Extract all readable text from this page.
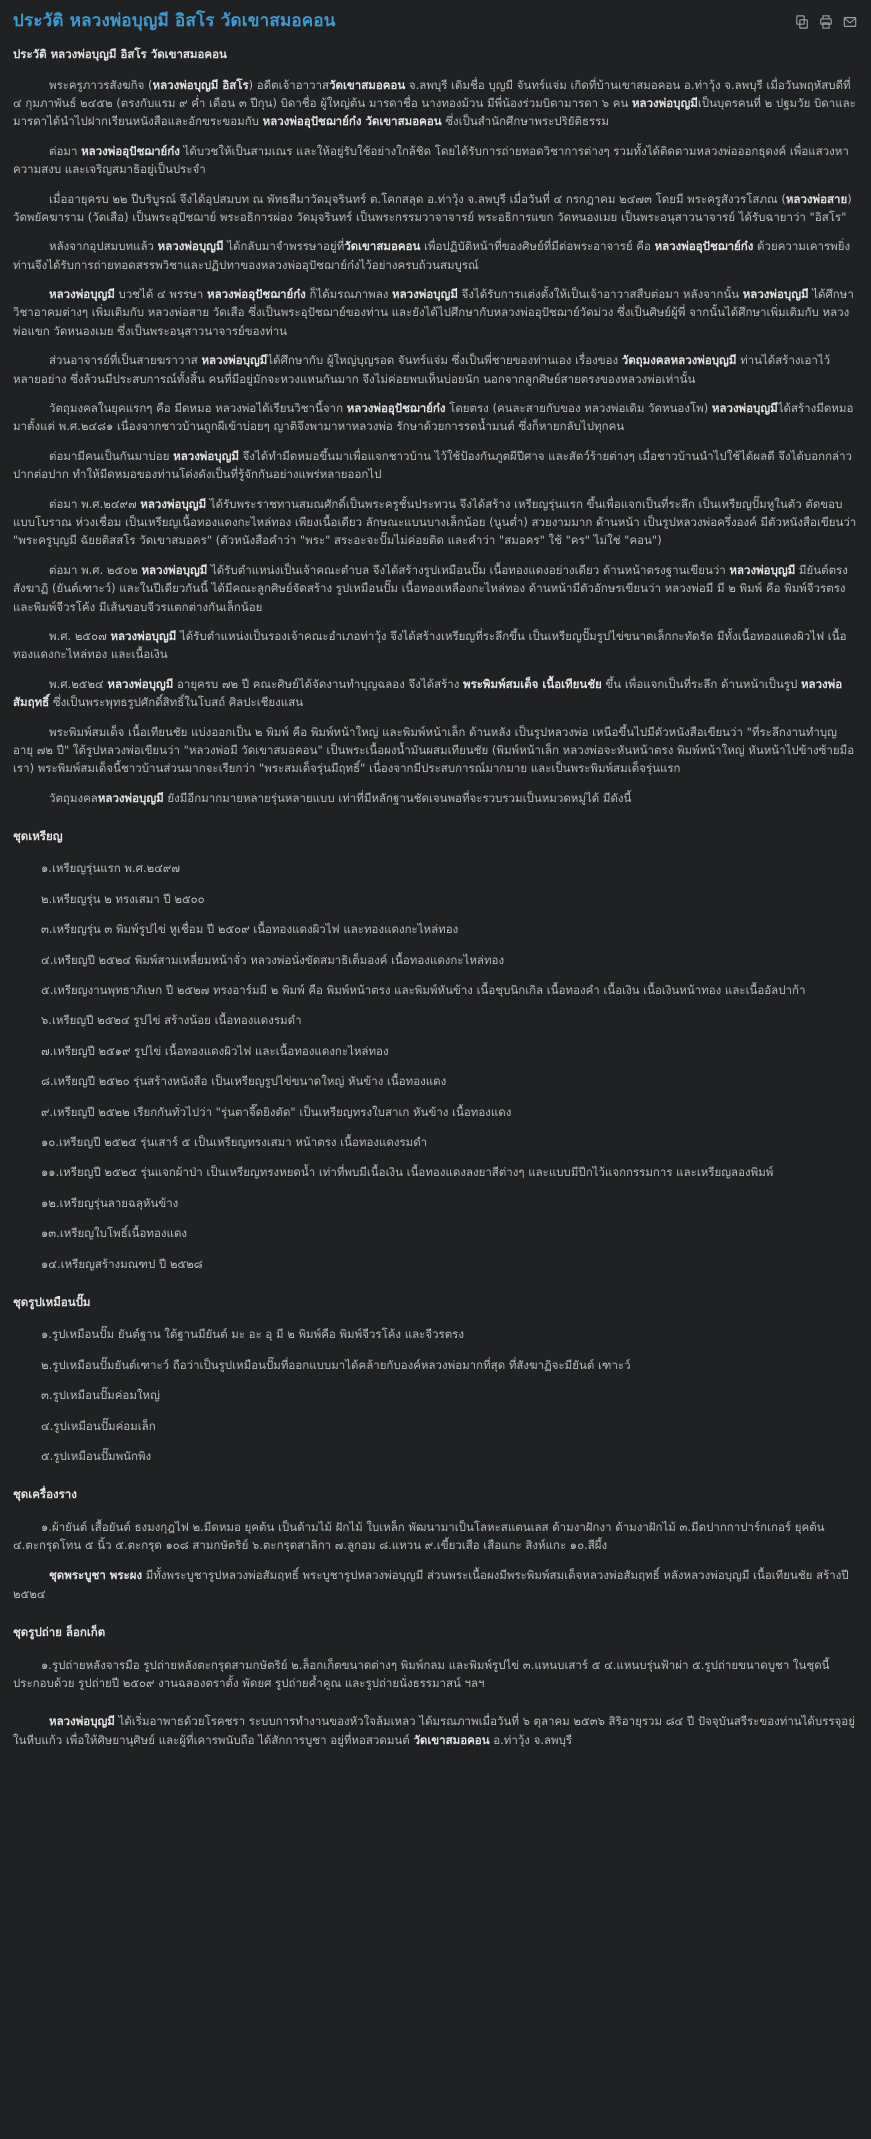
ประวัติ หลวงพ่อบุญมี อิสโร วัดเขาสมอคอน

ประวัติ หลวงพ่อบุญมี อิสโร วัดเขาสมอคอน

พระครูภาวรสังฆกิจ (หลวงพ่อบุญมี อิสโร) อดีตเจ้าอาวาสวัดเขาสมอคอน จ.ลพบุรี เดิมชื่อ บุญมี จันทร์แจ่ม เกิดที่บ้านเขาสมอคอน อ.ท่าวุ้ง จ.ลพบุรี เมื่อวันพฤหัสบดีที่ ๔ กุมภาพันธ์ ๒๔๕๒ (ตรงกับแรม ๙ ค่ำ เดือน ๓ ปีกุน) บิดาชื่อ ผู้ใหญ่ต้น มารดาชื่อ นางทองม้วน มีพี่น้องร่วมบิดามารดา ๖ คน หลวงพ่อบุญมีเป็นบุตรคนที่ ๒ ปฐมวัย บิดาและมารดาได้นำไปฝากเรียนหนังสือและอักขระขอมกับ หลวงพ่ออุปัชฌาย์ก๋ง วัดเขาสมอคอน ซึ่งเป็นสำนักศึกษาพระปริยัติธรรม

ต่อมา หลวงพ่ออุปัชฌาย์ก๋ง ได้บวชให้เป็นสามเณร และให้อยู่รับใช้อย่างใกล้ชิด โดยได้รับการถ่ายทอดวิชาการต่างๆ รวมทั้งได้ติดตามหลวงพ่อออกธุดงค์ เพื่อแสวงหาความสงบ และเจริญสมาธิอยู่เป็นประจำ

เมื่ออายุครบ ๒๒ ปีบริบูรณ์ จึงได้อุปสมบท ณ พัทธสีมาวัดมุจรินทร์ ต.โคกสลุด อ.ท่าวุ้ง จ.ลพบุรี เมื่อวันที่ ๔ กรกฎาคม ๒๔๗๓ โดยมี พระครูสังวรโสภณ (หลวงพ่อสาย) วัดพยัคฆาราม (วัดเสือ) เป็นพระอุปัชฌาย์ พระอธิการผ่อง วัดมุจรินทร์ เป็นพระกรรมวาจาจารย์ พระอธิการแขก วัดหนองเมย เป็นพระอนุสาวนาจารย์ ได้รับฉายาว่า "อิสโร"

หลังจากอุปสมบทแล้ว หลวงพ่อบุญมี ได้กลับมาจำพรรษาอยู่ที่วัดเขาสมอคอน เพื่อปฏิบัติหน้าที่ของศิษย์ที่มีต่อพระอาจารย์ คือ หลวงพ่ออุปัชฌาย์ก๋ง ด้วยความเคารพยิ่ง ท่านจึงได้รับการถ่ายทอดสรรพวิชาและปฏิปทาของหลวงพ่ออุปัชฌาย์ก๋งไว้อย่างครบถ้วนสมบูรณ์

หลวงพ่อบุญมี บวชได้ ๔ พรรษา หลวงพ่ออุปัชฌาย์ก๋ง ก็ได้มรณภาพลง หลวงพ่อบุญมี จึงได้รับการแต่งตั้งให้เป็นเจ้าอาวาสสืบต่อมา หลังจากนั้น หลวงพ่อบุญมี ได้ศึกษาวิชาอาคมต่างๆ เพิ่มเติมกับ หลวงพ่อสาย วัดเสือ ซึ่งเป็นพระอุปัชฌาย์ของท่าน และยังได้ไปศึกษากับหลวงพ่ออุปัชฌาย์วัดม่วง ซึ่งเป็นศิษย์ผู้พี่ จากนั้นได้ศึกษาเพิ่มเติมกับ หลวงพ่อแขก วัดหนองเมย ซึ่งเป็นพระอนุสาวนาจารย์ของท่าน

ส่วนอาจารย์ที่เป็นสายฆราวาส หลวงพ่อบุญมีได้ศึกษากับ ผู้ใหญ่บุญรอด จันทร์แจ่ม ซึ่งเป็นพี่ชายของท่านเอง เรื่องของ วัตถุมงคลหลวงพ่อบุญมี ท่านได้สร้างเอาไว้หลายอย่าง ซึ่งล้วนมีประสบการณ์ทั้งสิ้น คนที่มีอยู่มักจะหวงแหนกันมาก จึงไม่ค่อยพบเห็นบ่อยนัก นอกจากลูกศิษย์สายตรงของหลวงพ่อเท่านั้น

วัตถุมงคลในยุคแรกๆ คือ มีดหมอ หลวงพ่อได้เรียนวิชานี้จาก หลวงพ่ออุปัชฌาย์ก๋ง โดยตรง (คนละสายกับของ หลวงพ่อเดิม วัดหนองโพ) หลวงพ่อบุญมีได้สร้างมีดหมอมาตั้งแต่ พ.ศ.๒๔๘๑ เนื่องจากชาวบ้านถูกผีเข้าบ่อยๆ ญาติจึงพามาหาหลวงพ่อ รักษาด้วยการรดน้ำมนต์ ซึ่งก็หายกลับไปทุกคน

ต่อมามีคนเป็นกันมาบ่อย หลวงพ่อบุญมี จึงได้ทำมีดหมอขึ้นมาเพื่อแจกชาวบ้าน ไว้ใช้ป้องกันภูตผีปีศาจ และสัตว์ร้ายต่างๆ เมื่อชาวบ้านนำไปใช้ได้ผลดี จึงได้บอกกล่าวปากต่อปาก ทำให้มีดหมอของท่านโด่งดังเป็นที่รู้จักกันอย่างแพร่หลายออกไป

ต่อมา พ.ศ.๒๔๙๗ หลวงพ่อบุญมี ได้รับพระราชทานสมณศักดิ์เป็นพระครูชั้นประทวน จึงได้สร้าง เหรียญรุ่นแรก ขึ้นเพื่อแจกเป็นที่ระลึก เป็นเหรียญปั๊มหูในตัว ตัดขอบแบบโบราณ ห่วงเชื่อม เป็นเหรียญเนื้อทองแดงกะไหล่ทอง เพียงเนื้อเดียว ลักษณะแบนบางเล็กน้อย (นูนต่ำ) สวยงามมาก ด้านหน้า เป็นรูปหลวงพ่อครึ่งองค์ มีตัวหนังสือเขียนว่า "พระครูบุญมี ฉัยยติสสโร วัดเขาสมอคร" (ตัวหนังสือคำว่า "พระ" สระอะจะปั๊มไม่ค่อยติด และคำว่า "สมอคร" ใช้ "คร" ไม่ใช่ "คอน")

ต่อมา พ.ศ. ๒๕๐๒ หลวงพ่อบุญมี ได้รับตำแหน่งเป็นเจ้าคณะตำบล จึงได้สร้างรูปเหมือนปั๊ม เนื้อทองแดงอย่างเดียว ด้านหน้าตรงฐานเขียนว่า หลวงพ่อบุญมี มียันต์ตรงสังฆาฏิ (ยันต์เฑาะว์) และในปีเดียวกันนี้ ได้มีคณะลูกศิษย์จัดสร้าง รูปเหมือนปั๊ม เนื้อทองเหลืองกะไหล่ทอง ด้านหน้ามีตัวอักษรเขียนว่า หลวงพ่อมี มี ๒ พิมพ์ คือ พิมพ์จีวรตรง และพิมพ์จีวรโค้ง มีเส้นขอบจีวรแตกต่างกันเล็กน้อย

พ.ศ. ๒๕๐๗ หลวงพ่อบุญมี ได้รับตำแหน่งเป็นรองเจ้าคณะอำเภอท่าวุ้ง จึงได้สร้างเหรียญที่ระลึกขึ้น เป็นเหรียญปั๊มรูปไข่ขนาดเล็กกะทัดรัด มีทั้งเนื้อทองแดงผิวไฟ เนื้อทองแดงกะไหล่ทอง และเนื้อเงิน

พ.ศ.๒๕๒๔ หลวงพ่อบุญมี อายุครบ ๗๒ ปี คณะศิษย์ได้จัดงานทำบุญฉลอง จึงได้สร้าง พระพิมพ์สมเด็จ เนื้อเทียนชัย ขึ้น เพื่อแจกเป็นที่ระลึก ด้านหน้าเป็นรูป หลวงพ่อสัมฤทธิ์ ซึ่งเป็นพระพุทธรูปศักดิ์สิทธิ์ในโบสถ์ ศิลปะเชียงแสน

พระพิมพ์สมเด็จ เนื้อเทียนชัย แบ่งออกเป็น ๒ พิมพ์ คือ พิมพ์หน้าใหญ่ และพิมพ์หน้าเล็ก ด้านหลัง เป็นรูปหลวงพ่อ เหนือขึ้นไปมีตัวหนังสือเขียนว่า "ที่ระลึกงานทำบุญอายุ ๗๒ ปี" ใต้รูปหลวงพ่อเขียนว่า "หลวงพ่อมี วัดเขาสมอคอน" เป็นพระเนื้อผงน้ำมันผสมเทียนชัย (พิมพ์หน้าเล็ก หลวงพ่อจะหันหน้าตรง พิมพ์หน้าใหญ่ หันหน้าไปข้างซ้ายมือเรา) พระพิมพ์สมเด็จนี้ชาวบ้านส่วนมากจะเรียกว่า "พระสมเด็จรุ่นมีฤทธิ์" เนื่องจากมีประสบการณ์มากมาย และเป็นพระพิมพ์สมเด็จรุ่นแรก

วัตถุมงคลหลวงพ่อบุญมี ยังมีอีกมากมายหลายรุ่นหลายแบบ เท่าที่มีหลักฐานชัดเจนพอที่จะรวบรวมเป็นหมวดหมู่ได้ มีดังนี้

ชุดเหรียญ

๑.เหรียญรุ่นแรก พ.ศ.๒๔๙๗

๒.เหรียญรุ่น ๒ ทรงเสมา ปี ๒๕๐๐

๓.เหรียญรุ่น ๓ พิมพ์รูปไข่ หูเชื่อม ปี ๒๕๐๙ เนื้อทองแดงผิวไฟ และทองแดงกะไหล่ทอง

๔.เหรียญปี ๒๕๒๔ พิมพ์สามเหลี่ยมหน้าจั่ว หลวงพ่อนั่งขัดสมาธิเต็มองค์ เนื้อทองแดงกะไหล่ทอง

๕.เหรียญงานพุทธาภิเษก ปี ๒๕๒๗ ทรงอาร์มมี ๒ พิมพ์ คือ พิมพ์หน้าตรง และพิมพ์หันข้าง เนื้อชุบนิกเกิล เนื้อทองคำ เนื้อเงิน เนื้อเงินหน้าทอง และเนื้ออัลปาก้า

๖.เหรียญปี ๒๕๒๔ รูปไข่ สร้างน้อย เนื้อทองแดงรมดำ

๗.เหรียญปี ๒๕๑๙ รูปไข่ เนื้อทองแดงผิวไฟ และเนื้อทองแดงกะไหล่ทอง

๘.เหรียญปี ๒๕๒๐ รุ่นสร้างหนังสือ เป็นเหรียญรูปไข่ขนาดใหญ่ หันข้าง เนื้อทองแดง

๙.เหรียญปี ๒๕๒๒ เรียกกันทั่วไปว่า "รุ่นตาจี๊ดยิงตัด" เป็นเหรียญทรงใบสาเก หันข้าง เนื้อทองแดง

๑๐.เหรียญปี ๒๕๒๕ รุ่นเสาร์ ๕ เป็นเหรียญทรงเสมา หน้าตรง เนื้อทองแดงรมดำ

๑๑.เหรียญปี ๒๕๒๕ รุ่นแจกผ้าป่า เป็นเหรียญทรงหยดน้ำ เท่าที่พบมีเนื้อเงิน เนื้อทองแดงลงยาสีต่างๆ และแบบมีปีกไว้แจกกรรมการ และเหรียญลองพิมพ์

๑๒.เหรียญรุ่นลายฉลุหันข้าง

๑๓.เหรียญใบโพธิ์เนื้อทองแดง

๑๔.เหรียญสร้างมณฑป ปี ๒๕๒๘

ชุดรูปเหมือนปั๊ม

๑.รูปเหมือนปั๊ม ยันต์ฐาน ใต้ฐานมียันต์ มะ อะ อุ มี ๒ พิมพ์คือ พิมพ์จีวรโค้ง และจีวรตรง

๒.รูปเหมือนปั๊มยันต์เฑาะว์ ถือว่าเป็นรูปเหมือนปั๊มที่ออกแบบมาได้คล้ายกับองค์หลวงพ่อมากที่สุด ที่สังฆาฏิจะมียันต์ เฑาะว์

๓.รูปเหมือนปั๊มค่อมใหญ่

๔.รูปเหมือนปั๊มค่อมเล็ก

๕.รูปเหมือนปั๊มพนักพิง

ชุดเครื่องราง

๑.ผ้ายันต์ เสื้อยันต์ ธงมงกุฎไฟ ๒.มีดหมอ ยุคต้น เป็นด้ามไม้ ฝักไม้ ใบเหล็ก พัฒนามาเป็นโลหะสแตนเลส ด้ามงาฝักงา ด้ามงาฝักไม้ ๓.มีดปากกาปาร์กเกอร์ ยุคต้น ๔.ตะกรุดโทน ๕ นิ้ว ๕.ตะกรุด ๑๐๘ สามกษัตริย์ ๖.ตะกรุดสาลิกา ๗.ลูกอม ๘.แหวน ๙.เขี้ยวเสือ เสือแกะ สิงห์แกะ ๑๐.สีผึ้ง

ชุดพระบูชา พระผง มีทั้งพระบูชารูปหลวงพ่อสัมฤทธิ์ พระบูชารูปหลวงพ่อบุญมี ส่วนพระเนื้อผงมีพระพิมพ์สมเด็จหลวงพ่อสัมฤทธิ์ หลังหลวงพ่อบุญมี เนื้อเทียนชัย สร้างปี ๒๕๒๔

ชุดรูปถ่าย ล็อกเก็ต

๑.รูปถ่ายหลังจารมือ รูปถ่ายหลังตะกรุดสามกษัตริย์ ๒.ล็อกเก็ตขนาดต่างๆ พิมพ์กลม และพิมพ์รูปไข่ ๓.แหนบเสาร์ ๕ ๔.แหนบรุ่นฟ้าผ่า ๕.รูปถ่ายขนาดบูชา ในชุดนี้ประกอบด้วย รูปถ่ายปี ๒๕๐๙ งานฉลองตราตั้ง พัดยศ รูปถ่ายค้ำคูณ และรูปถ่ายนั่งธรรมาสน์ ฯลฯ

หลวงพ่อบุญมี ได้เริ่มอาพาธด้วยโรคชรา ระบบการทำงานของหัวใจล้มเหลว ได้มรณภาพเมื่อวันที่ ๖ ตุลาคม ๒๕๓๖ สิริอายุรวม ๘๔ ปี ปัจจุบันสรีระของท่านได้บรรจุอยู่ในหีบแก้ว เพื่อให้ศิษยานุศิษย์ และผู้ที่เคารพนับถือ ได้สักการบูชา อยู่ที่หอสวดมนต์ วัดเขาสมอคอน อ.ท่าวุ้ง จ.ลพบุรี
